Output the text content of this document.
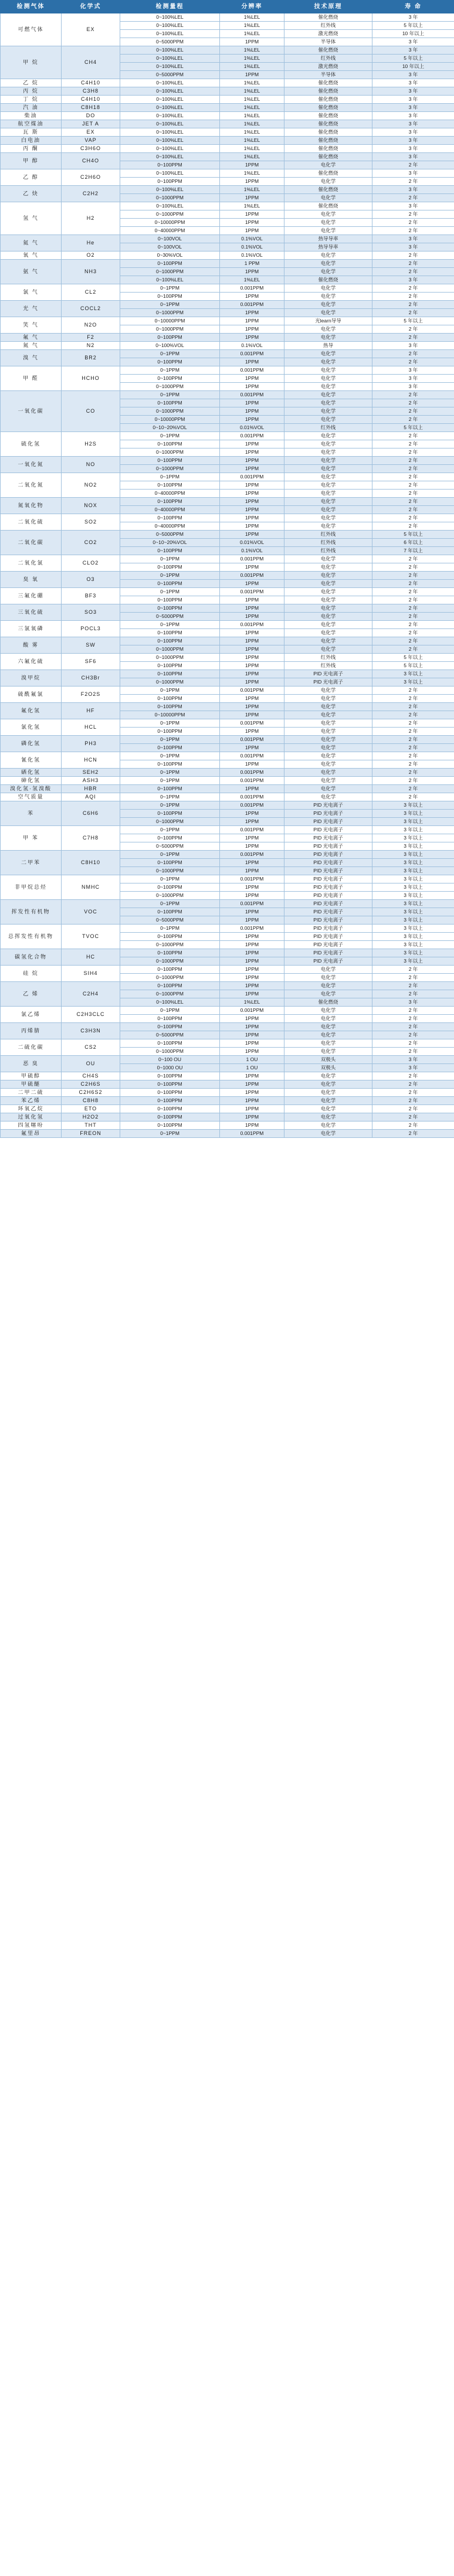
检测气体	化学式	检测量程	分辨率	技术原理	寿 命
可燃气体	EX	0~100%LEL	1%LEL	催化燃烧	3 年
		0~100%LEL	1%LEL	红外线	5 年以上
		0~100%LEL	1%LEL	激光燃烧	10 年以上
		0~5000PPM	1PPM	半导体	3 年
甲 烷	CH4	0~100%LEL	1%LEL	催化燃烧	3 年
		0~100%LEL	1%LEL	红外线	5 年以上
		0~100%LEL	1%LEL	激光燃烧	10 年以上
		0~5000PPM	1PPM	半导体	3 年
乙 烷	C4H10	0~100%LEL	1%LEL	催化燃烧	3 年
丙 烷	C3H8	0~100%LEL	1%LEL	催化燃烧	3 年
丁 烷	C4H10	0~100%LEL	1%LEL	催化燃烧	3 年
汽 油	C8H18	0~100%LEL	1%LEL	催化燃烧	3 年
柴油	DO	0~100%LEL	1%LEL	催化燃烧	3 年
航空煤油	JET A	0~100%LEL	1%LEL	催化燃烧	3 年
瓦 斯	EX	0~100%LEL	1%LEL	催化燃烧	3 年
白电油	VAP	0~100%LEL	1%LEL	催化燃烧	3 年
丙 酮	C3H6O	0~100%LEL	1%LEL	催化燃烧	3 年
甲 醇	CH4O	0~100%LEL	1%LEL	催化燃烧	3 年
		0~100PPM	1PPM	电化学	2 年
乙 醇	C2H6O	0~100%LEL	1%LEL	催化燃烧	3 年
		0~100PPM	1PPM	电化学	2 年
乙 炔	C2H2	0~100%LEL	1%LEL	催化燃烧	3 年
		0~1000PPM	1PPM	电化学	2 年
氢 气	H2	0~100%LEL	1%LEL	催化燃烧	3 年
		0~1000PPM	1PPM	电化学	2 年
		0~10000PPM	1PPM	电化学	2 年
		0~40000PPM	1PPM	电化学	2 年
氦 气	He	0~100VOL	0.1%VOL	热导导率	3 年
		0~100VOL	0.1%VOL	热导导率	3 年
氧 气	O2	0~30%VOL	0.1%VOL	电化学	2 年
氨 气	NH3	0~100PPM	1 PPM	电化学	2 年
		0~1000PPM	1PPM	电化学	2 年
		0~100%LEL	1%LEL	催化燃烧	3 年
氯 气	CL2	0~1PPM	0.001PPM	电化学	2 年
		0~100PPM	1PPM	电化学	2 年
光 气	COCL2	0~1PPM	0.001PPM	电化学	2 年
		0~1000PPM	1PPM	电化学	2 年
笑 气	N2O	0~10000PPM	1PPM	光learn导导	5 年以上
		0~1000PPM	1PPM	电化学	2 年
氟 气	F2	0~100PPM	1PPM	电化学	2 年
氮 气	N2	0~100%VOL	0.1%VOL	热导	3 年
溴 气	BR2	0~1PPM	0.001PPM	电化学	2 年
		0~100PPM	1PPM	电化学	2 年
甲 醛	HCHO	0~1PPM	0.001PPM	电化学	3 年
		0~100PPM	1PPM	电化学	3 年
		0~1000PPM	1PPM	电化学	3 年
一氧化碳	CO	0~1PPM	0.001PPM	电化学	2 年
		0~100PPM	1PPM	电化学	2 年
		0~1000PPM	1PPM	电化学	2 年
		0~10000PPM	1PPM	电化学	2 年
		0~10~20%VOL	0.01%VOL	红外线	5 年以上
硫化氢	H2S	0~1PPM	0.001PPM	电化学	2 年
		0~100PPM	1PPM	电化学	2 年
		0~1000PPM	1PPM	电化学	2 年
一氧化氮	NO	0~100PPM	1PPM	电化学	2 年
		0~1000PPM	1PPM	电化学	2 年
二氧化氮	NO2	0~1PPM	0.001PPM	电化学	2 年
		0~100PPM	1PPM	电化学	2 年
		0~40000PPM	1PPM	电化学	2 年
氮氧化物	NOX	0~100PPM	1PPM	电化学	2 年
		0~40000PPM	1PPM	电化学	2 年
二氧化硫	SO2	0~100PPM	1PPM	电化学	2 年
		0~40000PPM	1PPM	电化学	2 年
二氧化碳	CO2	0~5000PPM	1PPM	红外线	5 年以上
		0~10~20%VOL	0.01%VOL	红外线	6 年以上
		0~100PPM	0.1%VOL	红外线	7 年以上
二氧化氯	CLO2	0~1PPM	0.001PPM	电化学	2 年
		0~100PPM	1PPM	电化学	2 年
臭 氧	O3	0~1PPM	0.001PPM	电化学	2 年
		0~100PPM	1PPM	电化学	2 年
三氟化硼	BF3	0~1PPM	0.001PPM	电化学	2 年
		0~100PPM	1PPM	电化学	2 年
三氧化硫	SO3	0~100PPM	1PPM	电化学	2 年
		0~5000PPM	1PPM	电化学	2 年
三氯氧磷	POCL3	0~1PPM	0.001PPM	电化学	2 年
		0~100PPM	1PPM	电化学	2 年
酸 雾	SW	0~100PPM	1PPM	电化学	2 年
		0~1000PPM	1PPM	电化学	2 年
六氟化硫	SF6	0~1000PPM	1PPM	红外线	5 年以上
		0~100PPM	1PPM	红外线	5 年以上
溴甲烷	CH3Br	0~100PPM	1PPM	PID 光电离子	3 年以上
		0~1000PPM	1PPM	PID 光电离子	3 年以上
硫酰氟氯	F2O2S	0~1PPM	0.001PPM	电化学	2 年
		0~100PPM	1PPM	电化学	2 年
氟化氢	HF	0~100PPM	1PPM	电化学	2 年
		0~10000PPM	1PPM	电化学	2 年
氯化氢	HCL	0~1PPM	0.001PPM	电化学	2 年
		0~100PPM	1PPM	电化学	2 年
磷化氢	PH3	0~1PPM	0.001PPM	电化学	2 年
		0~100PPM	1PPM	电化学	2 年
氰化氢	HCN	0~1PPM	0.001PPM	电化学	2 年
		0~100PPM	1PPM	电化学	2 年
硒化氢	SEH2	0~1PPM	0.001PPM	电化学	2 年
砷化氢	ASH3	0~1PPM	0.001PPM	电化学	2 年
溴化氢·氢溴酸	HBR	0~100PPM	1PPM	电化学	2 年
空气质量	AQI	0~1PPM	0.001PPM	电化学	2 年
苯	C6H6	0~1PPM	0.001PPM	PID 光电离子	3 年以上
		0~100PPM	1PPM	PID 光电离子	3 年以上
		0~1000PPM	1PPM	PID 光电离子	3 年以上
甲 苯	C7H8	0~1PPM	0.001PPM	PID 光电离子	3 年以上
		0~100PPM	1PPM	PID 光电离子	3 年以上
		0~5000PPM	1PPM	PID 光电离子	3 年以上
二甲苯	C8H10	0~1PPM	0.001PPM	PID 光电离子	3 年以上
		0~100PPM	1PPM	PID 光电离子	3 年以上
		0~1000PPM	1PPM	PID 光电离子	3 年以上
非甲烷总烃	NMHC	0~1PPM	0.001PPM	PID 光电离子	3 年以上
		0~100PPM	1PPM	PID 光电离子	3 年以上
		0~1000PPM	1PPM	PID 光电离子	3 年以上
挥发性有机物	VOC	0~1PPM	0.001PPM	PID 光电离子	3 年以上
		0~100PPM	1PPM	PID 光电离子	3 年以上
		0~5000PPM	1PPM	PID 光电离子	3 年以上
总挥发性有机物	TVOC	0~1PPM	0.001PPM	PID 光电离子	3 年以上
		0~100PPM	1PPM	PID 光电离子	3 年以上
		0~1000PPM	1PPM	PID 光电离子	3 年以上
碳氢化合物	HC	0~100PPM	1PPM	PID 光电离子	3 年以上
		0~1000PPM	1PPM	PID 光电离子	3 年以上
硅 烷	SIH4	0~100PPM	1PPM	电化学	2 年
		0~1000PPM	1PPM	电化学	2 年
乙 烯	C2H4	0~100PPM	1PPM	电化学	2 年
		0~1000PPM	1PPM	电化学	2 年
		0~100%LEL	1%LEL	催化燃烧	3 年
氯乙烯	C2H3CLC	0~1PPM	0.001PPM	电化学	2 年
		0~100PPM	1PPM	电化学	2 年
丙烯腈	C3H3N	0~100PPM	1PPM	电化学	2 年
		0~5000PPM	1PPM	电化学	2 年
二硫化碳	CS2	0~100PPM	1PPM	电化学	2 年
		0~1000PPM	1PPM	电化学	2 年
恶 臭	OU	0~100 OU	1 OU	双极头	3 年
		0~1000 OU	1 OU	双极头	3 年
甲硫醇	CH4S	0~100PPM	1PPM	电化学	2 年
甲硫醚	C2H6S	0~100PPM	1PPM	电化学	2 年
二甲二硫	C2H6S2	0~100PPM	1PPM	电化学	2 年
苯乙烯	C8H8	0~100PPM	1PPM	电化学	2 年
环氧乙烷	ETO	0~100PPM	1PPM	电化学	2 年
过氧化氢	H2O2	0~100PPM	1PPM	电化学	2 年
四氢噻吩	THT	0~100PPM	1PPM	电化学	2 年
氟里昂	FREON	0~1PPM	0.001PPM	电化学	2 年
